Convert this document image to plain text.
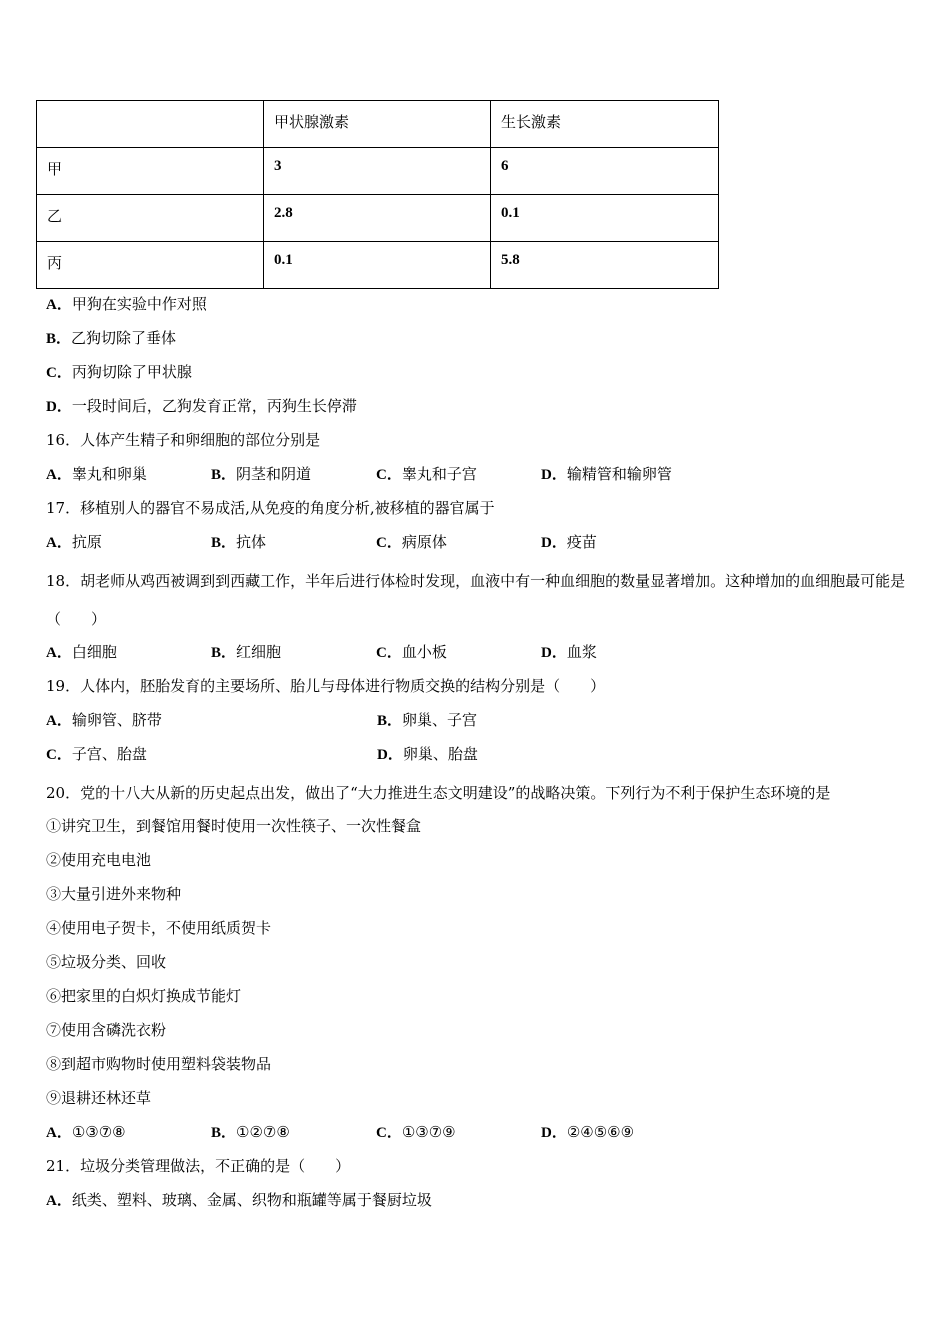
	甲状腺激素	生长激素
甲	3	6
乙	2.8	0.1
丙	0.1	5.8
A．甲狗在实验中作对照
B．乙狗切除了垂体
C．丙狗切除了甲状腺
D．一段时间后，乙狗发育正常，丙狗生长停滞
16．人体产生精子和卵细胞的部位分别是
A．睾丸和卵巢	B．阴茎和阴道	C．睾丸和子宫	D．输精管和输卵管
17．移植别人的器官不易成活,从免疫的角度分析,被移植的器官属于
A．抗原	B．抗体	C．病原体	D．疫苗
18．胡老师从鸡西被调到到西藏工作，半年后进行体检时发现，血液中有一种血细胞的数量显著增加。这种增加的血细胞最可能是（　　）
A．白细胞	B．红细胞	C．血小板	D．血浆
19．人体内，胚胎发育的主要场所、胎儿与母体进行物质交换的结构分别是（　　）
A．输卵管、脐带	B．卵巢、子宫
C．子宫、胎盘	D．卵巢、胎盘
20．党的十八大从新的历史起点出发，做出了“大力推进生态文明建设”的战略决策。下列行为不利于保护生态环境的是
①讲究卫生，到餐馆用餐时使用一次性筷子、一次性餐盒
②使用充电电池
③大量引进外来物种
④使用电子贺卡，不使用纸质贺卡
⑤垃圾分类、回收
⑥把家里的白炽灯换成节能灯
⑦使用含磷洗衣粉
⑧到超市购物时使用塑料袋装物品
⑨退耕还林还草
A．①③⑦⑧	B．①②⑦⑧	C．①③⑦⑨	D．②④⑤⑥⑨
21．垃圾分类管理做法，不正确的是（　　）
A．纸类、塑料、玻璃、金属、织物和瓶罐等属于餐厨垃圾
